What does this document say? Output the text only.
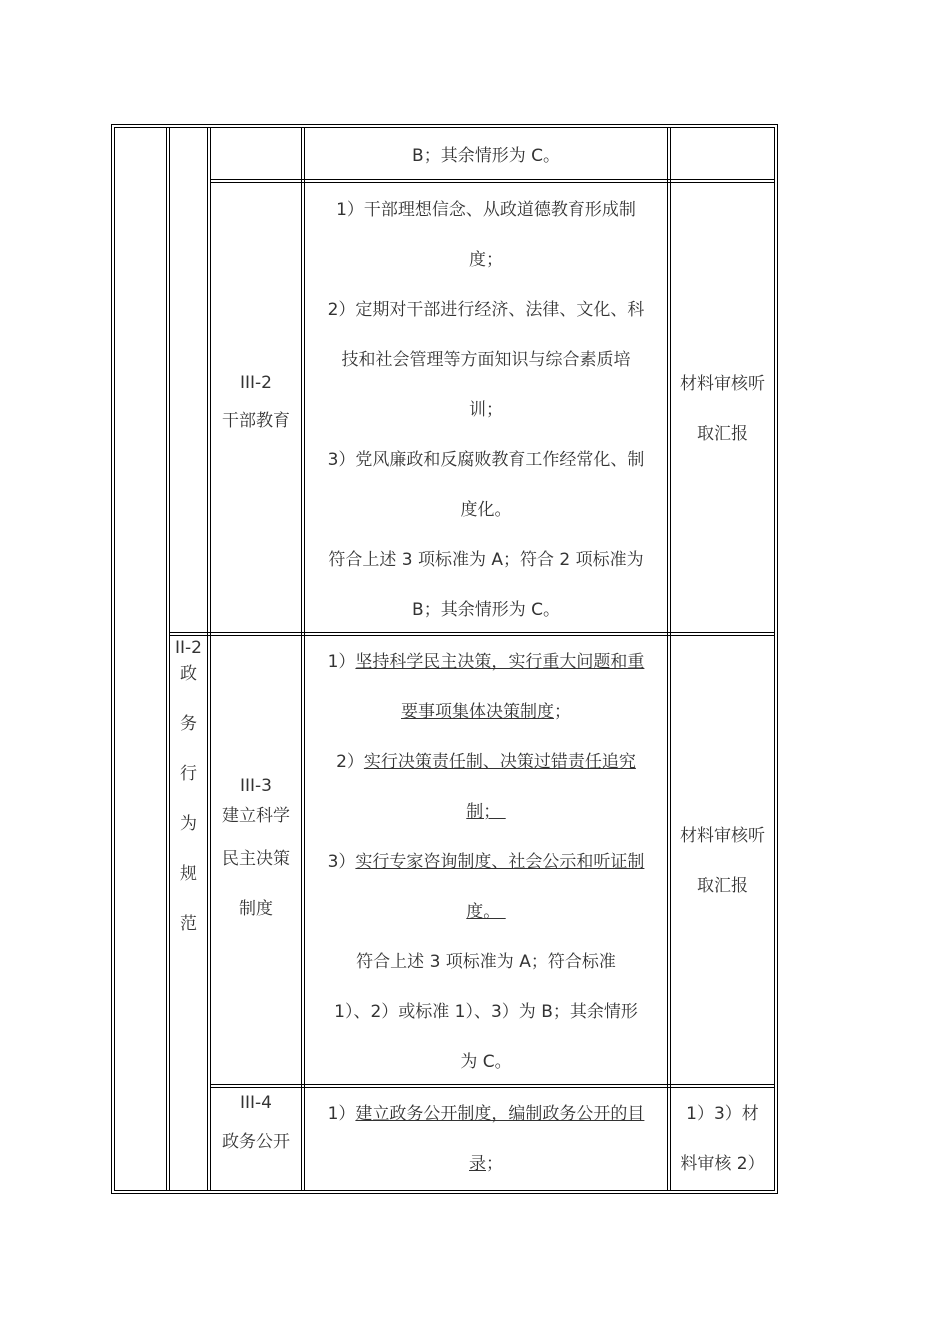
B；其余情形为 C。
III-2
干部教育
1）干部理想信念、从政道德教育形成制
度；
2）定期对干部进行经济、法律、文化、科
技和社会管理等方面知识与综合素质培
训；
3）党风廉政和反腐败教育工作经常化、制
度化。
符合上述 3 项标准为 A；符合 2 项标准为
B；其余情形为 C。
材料审核听
取汇报
II-2
政
务
行
为
规
范
III-3
建立科学
民主决策
制度
1）坚持科学民主决策，实行重大问题和重
要事项集体决策制度；
2）实行决策责任制、决策过错责任追究
制；
3）实行专家咨询制度、社会公示和听证制
度。
符合上述 3 项标准为 A；符合标准
1）、2）或标准 1）、3）为 B；其余情形
为 C。
材料审核听
取汇报
III-4
政务公开
1）建立政务公开制度，编制政务公开的目
录；
1）3）材
料审核 2）
